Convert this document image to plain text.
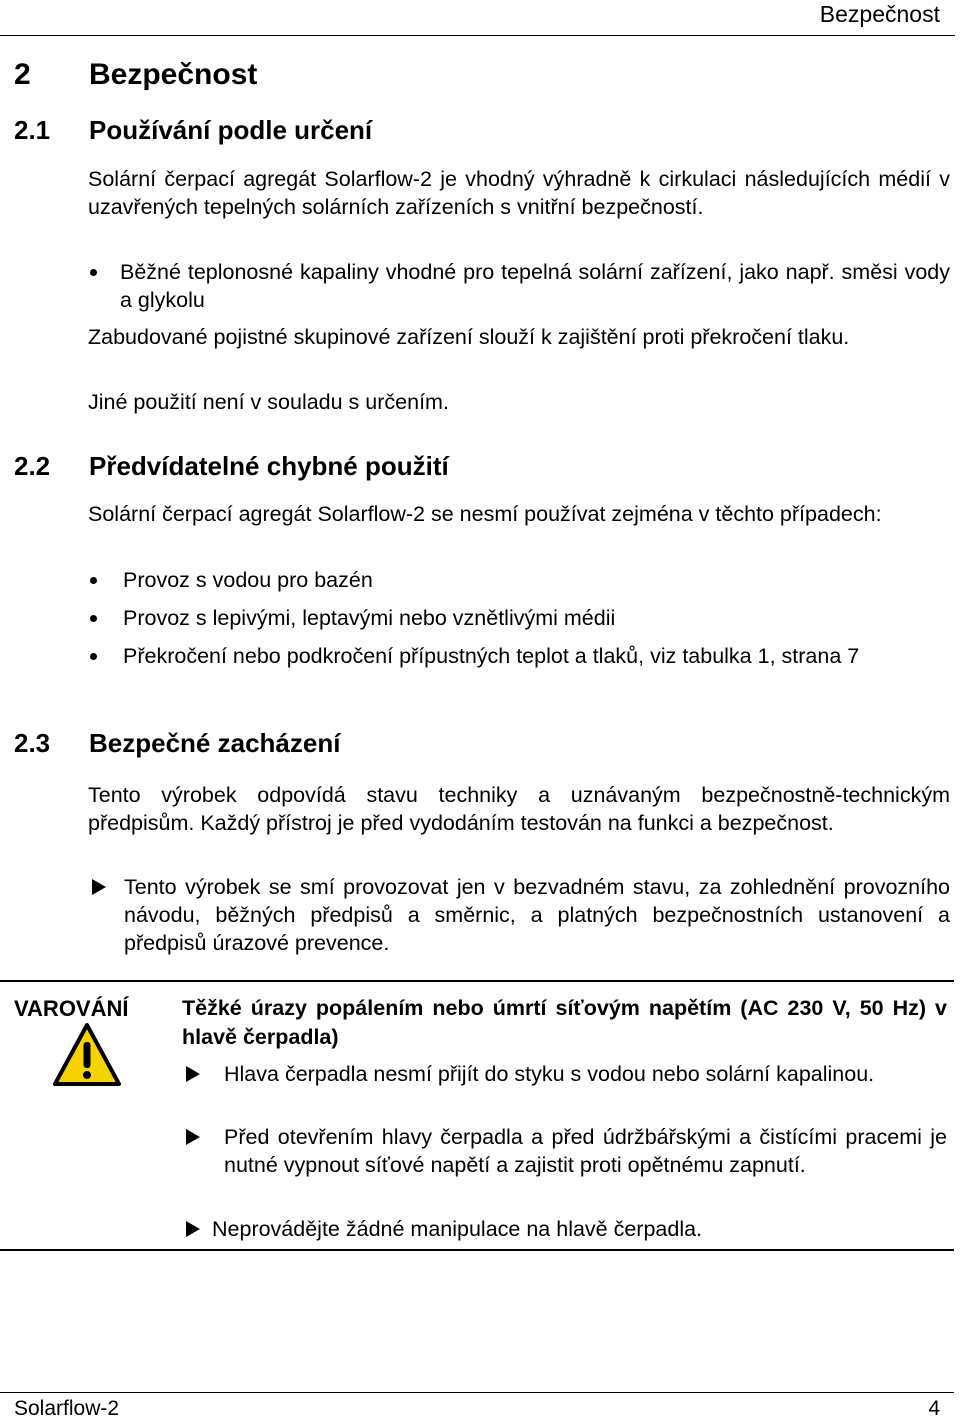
Bezpečnost
2 Bezpečnost
2.1 Používání podle určení

Solární čerpací agregát Solarflow-2 je vhodný výhradně k cirkulaci následujících médií v uzavřených tepelných solárních zařízeních s vnitřní bezpečností.

Běžné teplonosné kapaliny vhodné pro tepelná solární zařízení, jako např. směsi vody a glykolu

Zabudované pojistné skupinové zařízení slouží k zajištění proti překročení tlaku.

Jiné použití není v souladu s určením.

2.2 Předvídatelné chybné použití

Solární čerpací agregát Solarflow-2 se nesmí používat zejména v těchto případech:

Provoz s vodou pro bazén

Provoz s lepivými, leptavými nebo vznětlivými médii

Překročení nebo podkročení přípustných teplot a tlaků, viz tabulka 1, strana 7

2.3 Bezpečné zacházení

Tento výrobek odpovídá stavu techniky a uznávaným bezpečnostně-technickým předpisům. Každý přístroj je před vydodáním testován na funkci a bezpečnost.

Tento výrobek se smí provozovat jen v bezvadném stavu, za zohlednění provozního návodu, běžných předpisů a směrnic, a platných bezpečnostních ustanovení a předpisů úrazové prevence.

VAROVÁNÍ Těžké úrazy popálením nebo úmrtí síťovým napětím (AC 230 V, 50 Hz) v hlavě čerpadla)

Hlava čerpadla nesmí přijít do styku s vodou nebo solární kapalinou.

Před otevřením hlavy čerpadla a před údržbářskými a čistícími pracemi je nutné vypnout síťové napětí a zajistit proti opětnému zapnutí.

Neprovádějte žádné manipulace na hlavě čerpadla.

Solarflow-2	4
